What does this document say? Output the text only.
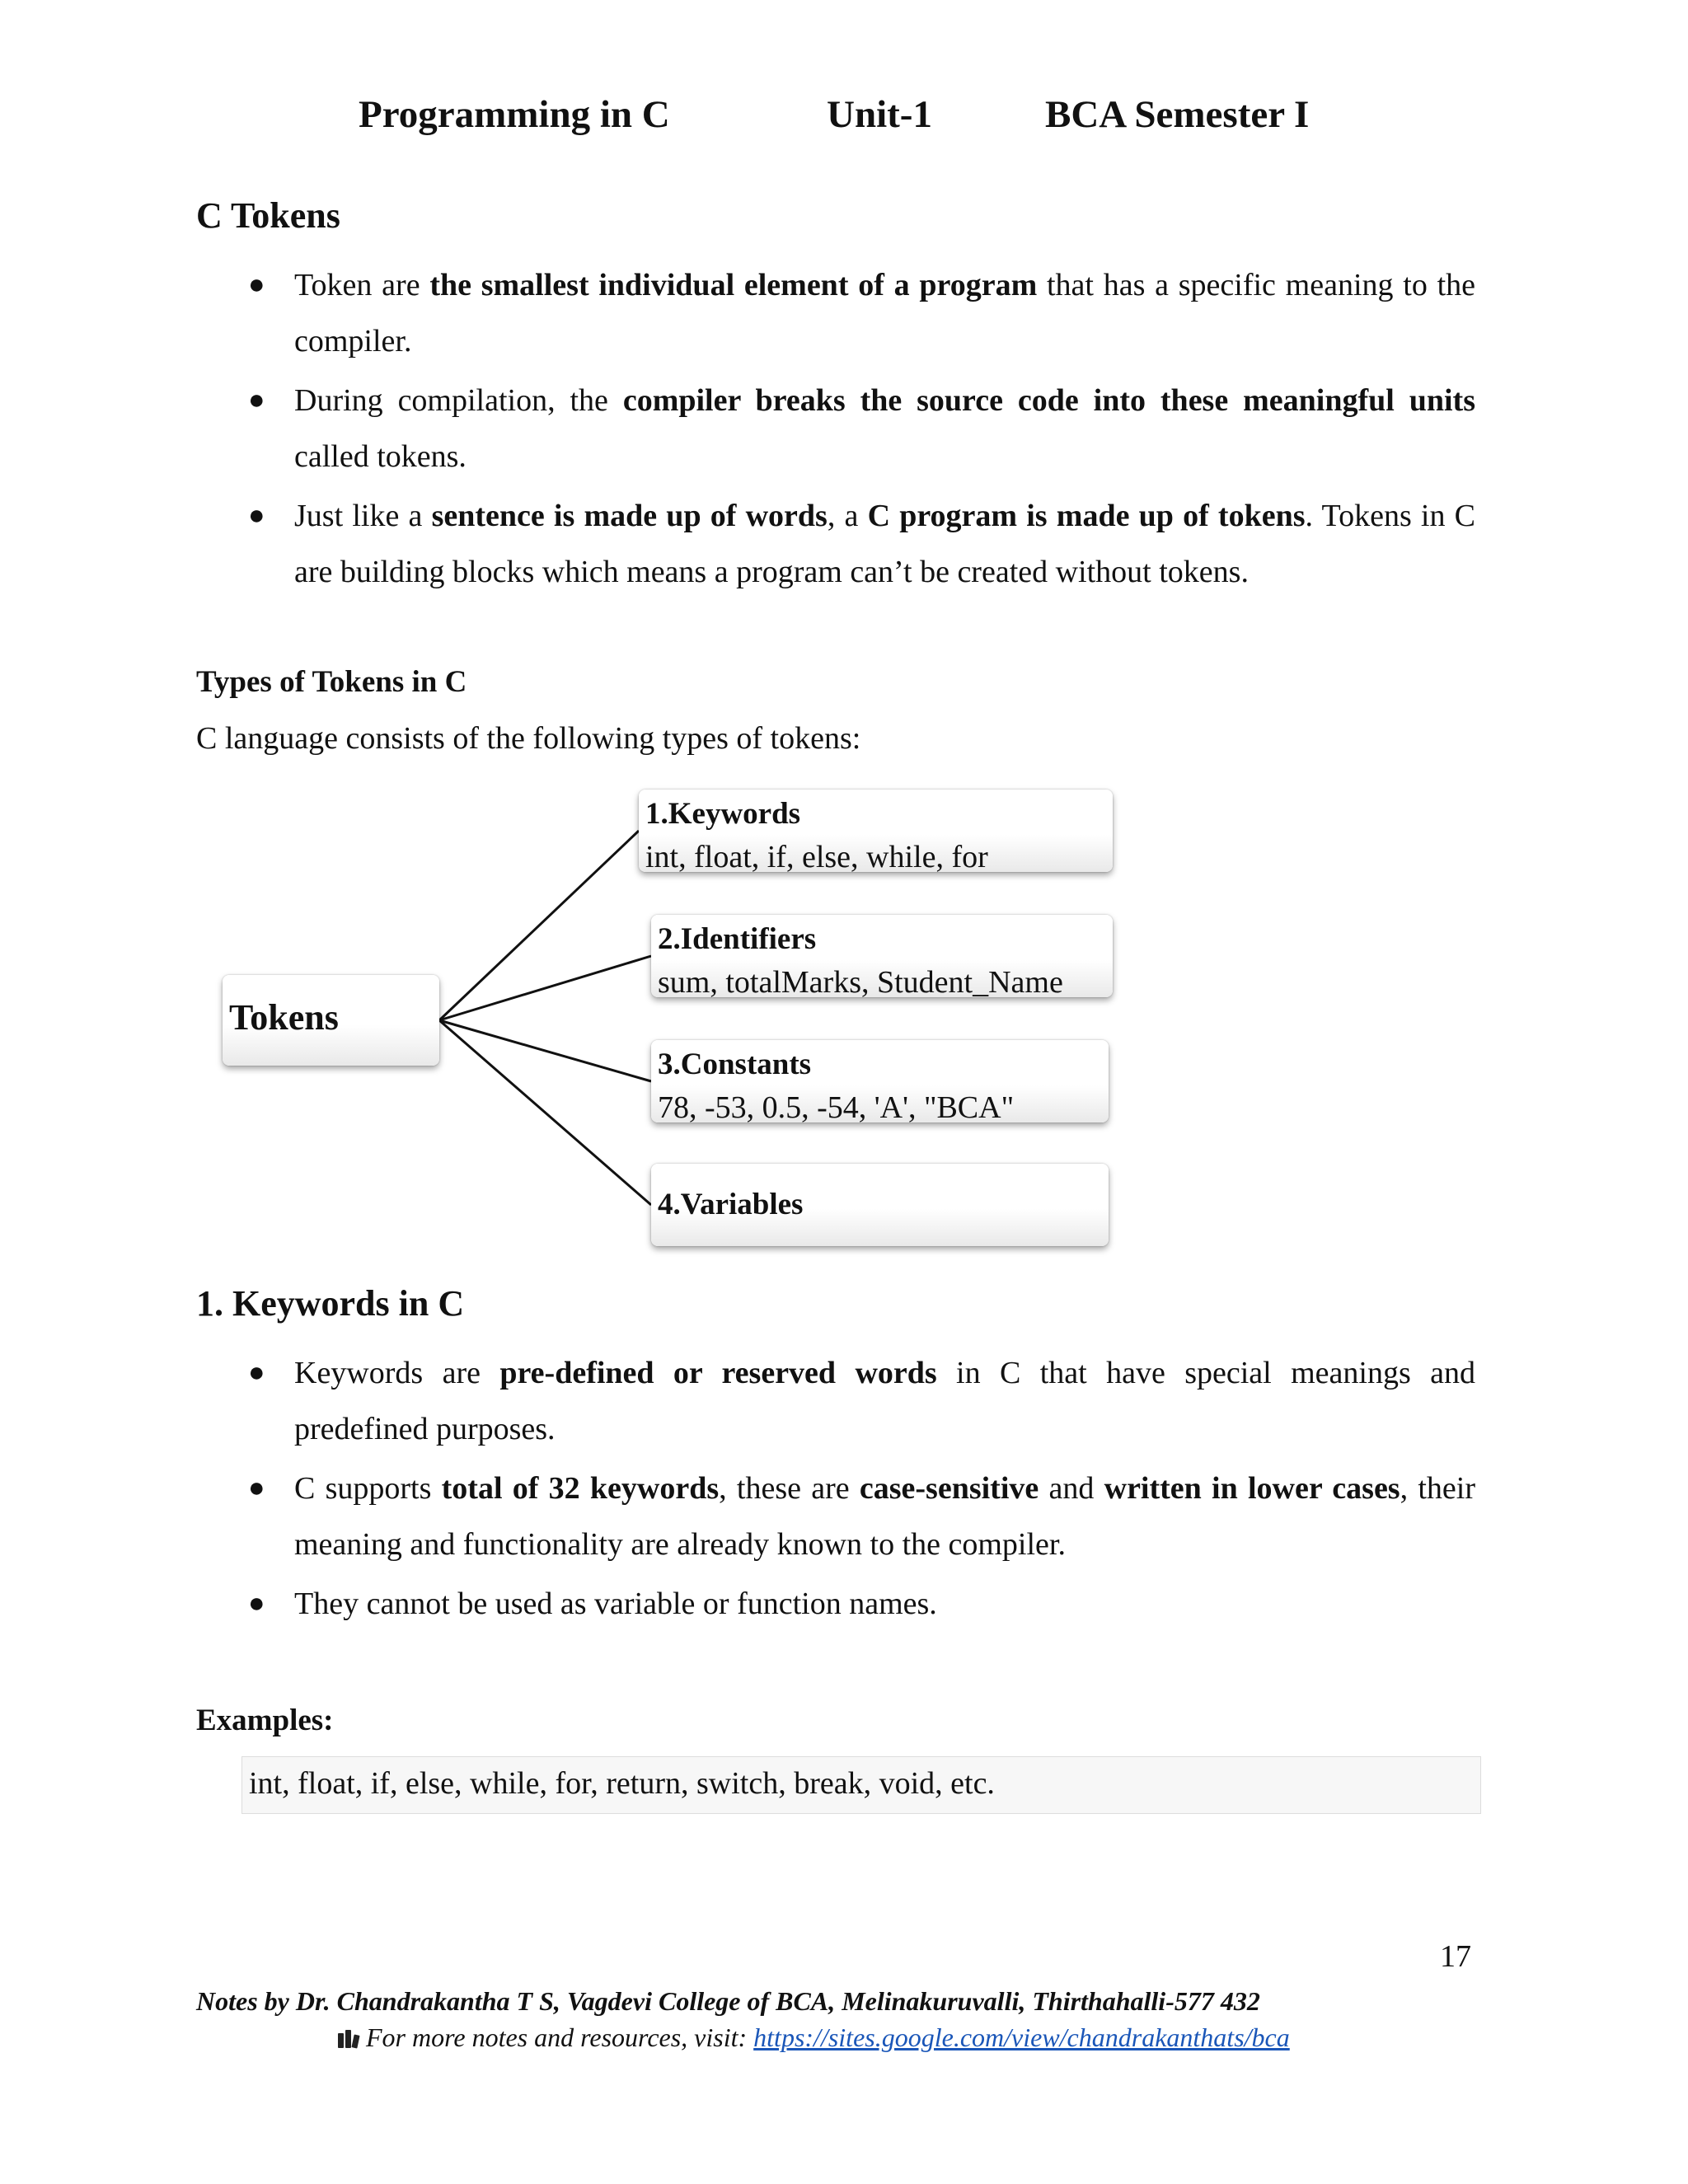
Programming in C	Unit-1	BCA Semester I
C Tokens
● Token are the smallest individual element of a program that has a specific meaning to the compiler.
● During compilation, the compiler breaks the source code into these meaningful units called tokens.
● Just like a sentence is made up of words, a C program is made up of tokens. Tokens in C are building blocks which means a program can’t be created without tokens.
Types of Tokens in C
C language consists of the following types of tokens:
Tokens
1.Keywords
int, float, if, else, while, for
2.Identifiers
sum, totalMarks, Student_Name
3.Constants
78, -53, 0.5, -54, 'A', "BCA"
4.Variables
1. Keywords in C
● Keywords are pre-defined or reserved words in C that have special meanings and predefined purposes.
● C supports total of 32 keywords, these are case-sensitive and written in lower cases, their meaning and functionality are already known to the compiler.
● They cannot be used as variable or function names.
Examples:
int, float, if, else, while, for, return, switch, break, void, etc.
17
Notes by Dr. Chandrakantha T S, Vagdevi College of BCA, Melinakuruvalli, Thirthahalli-577 432
For more notes and resources, visit: https://sites.google.com/view/chandrakanthats/bca
